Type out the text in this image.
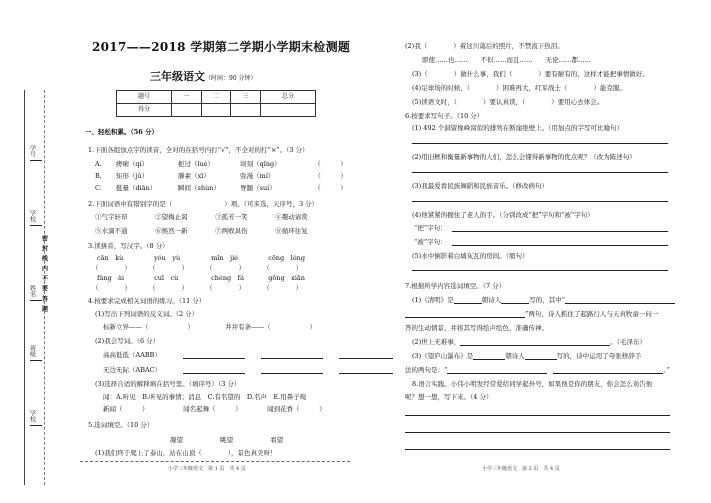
学号
学校
姓名
班级
学校
密 封 线 内 不 要 答 题
2017——2018 学期第二学期小学期末检测题
三年级语文（时间：90 分钟）
题号	一	二	三	总分
得分				
一、轻松积累。（56 分）
1.下面各组加点字的读音，全对的在括号内打“√”，不全对的打“×”。（3 分）
A. 痨痢（qí）	扼过（luè）	顷刻（qǐng）	（　　　）
B. 矩形（jǔ）	滕素（xī）	弥漫（mí）	（　　　）
C. 挺量（diān）	瞬间（shùn）	脊髓（suí）	（　　　）
2.下面词语中有错别字的是（　　　　　　　　）项。（可多选，天序号，3 分）
①气宇轩昂	②望梅止渴	③孤芳一笑	④趣动请赏
⑤水滴不通	⑥焕然一新	⑦两败具伤	⑧循环往复
3.读拼音，写汉字。（8 分）
cān　kù	yóu　yù	mǐn　jié	cōng　lóng
（　　　　）	（　　　　）	（　　　　）	（　　　　）
fàng　ài	cuī　cù	chéng　fá	gōng　xiān
（　　　　）	（　　　　）	（　　　　）	（　　　　）
4.按要求完成相关词语的练习。（11 分）
(1)写出下列词语的反义词。（2 分）
标新立异——（　　　　　　）	井井有条——（　　　　　　）
(2)我会写词。（6 分）
高高低低（AABB）
无边无际（ABAC）
(3)选择合适的解释填在括号里。（填序号）（3 分）
闻：A.听见　B.听见的事情；消息　C.有名望的　D.名声　E.用鼻子嗅
新闻（　　　）	闻名起舞（　　　）	闻到花香（　　　）
5.选词填空。（10 分）
凝望	眺望	看望
(1)我们终于爬上了泰山，站在山顶（　　　　），景色真美呀！
小学三年级语文　第 1 页　共 4 页
(2)我（　　　　）着这川蔼后的照片，不禁流下热泪。
即使……也……　　不但……而且……　　无论……都……
(3)（　　　　）做什么事，我们（　　　　）要有耐有的，这样才能把事情做好。
(4)足球场的时候，（　　　　）困难再大，红军战士（　　　　）能克服。
(5)读语文时，（　　　　）要认真读，（　　　　）要用心去体会。
6.按要求写句子。（10 分）
(1) 492 个洞留像峰窝似的排列在断崖绝壁上。（用加点的字写可比喻句）
(2)用旧框和衡量新事物的人们，怎么会懂得新事物的优点呢？（改为陈述句）
(3)我最爱看民族舞蹈和民族音乐。（修改病句）
(4)他紧紧的握住了老人的手。（分别改成“把”字句和“被”字句）
“把”字句：
“被”字句：
(5)水中倒影着白墙灰瓦的房间。（缩句）
7.根据所学内容选词填空。（7 分）
(1)《清明》是	朝诗人	写的，其中“
”两句，诗人抓住了起路行人与天真牧童一问一
答的生动情景，并将其写得绘声绘色，准确传神。
(2)世上无难事，	。（毛泽东）
(3)《望庐山瀑布》是	朝诗人	写的，诗中运用了夸张修辞手
法的两句是：“	。”
8.语言实践。小伟小明发经常爱给同学起外号，如果他是你的朋友，你会怎么劝告他
呢？想一想，写下来。（4 分）
小学三年级语文　第 2 页　共 4 页
